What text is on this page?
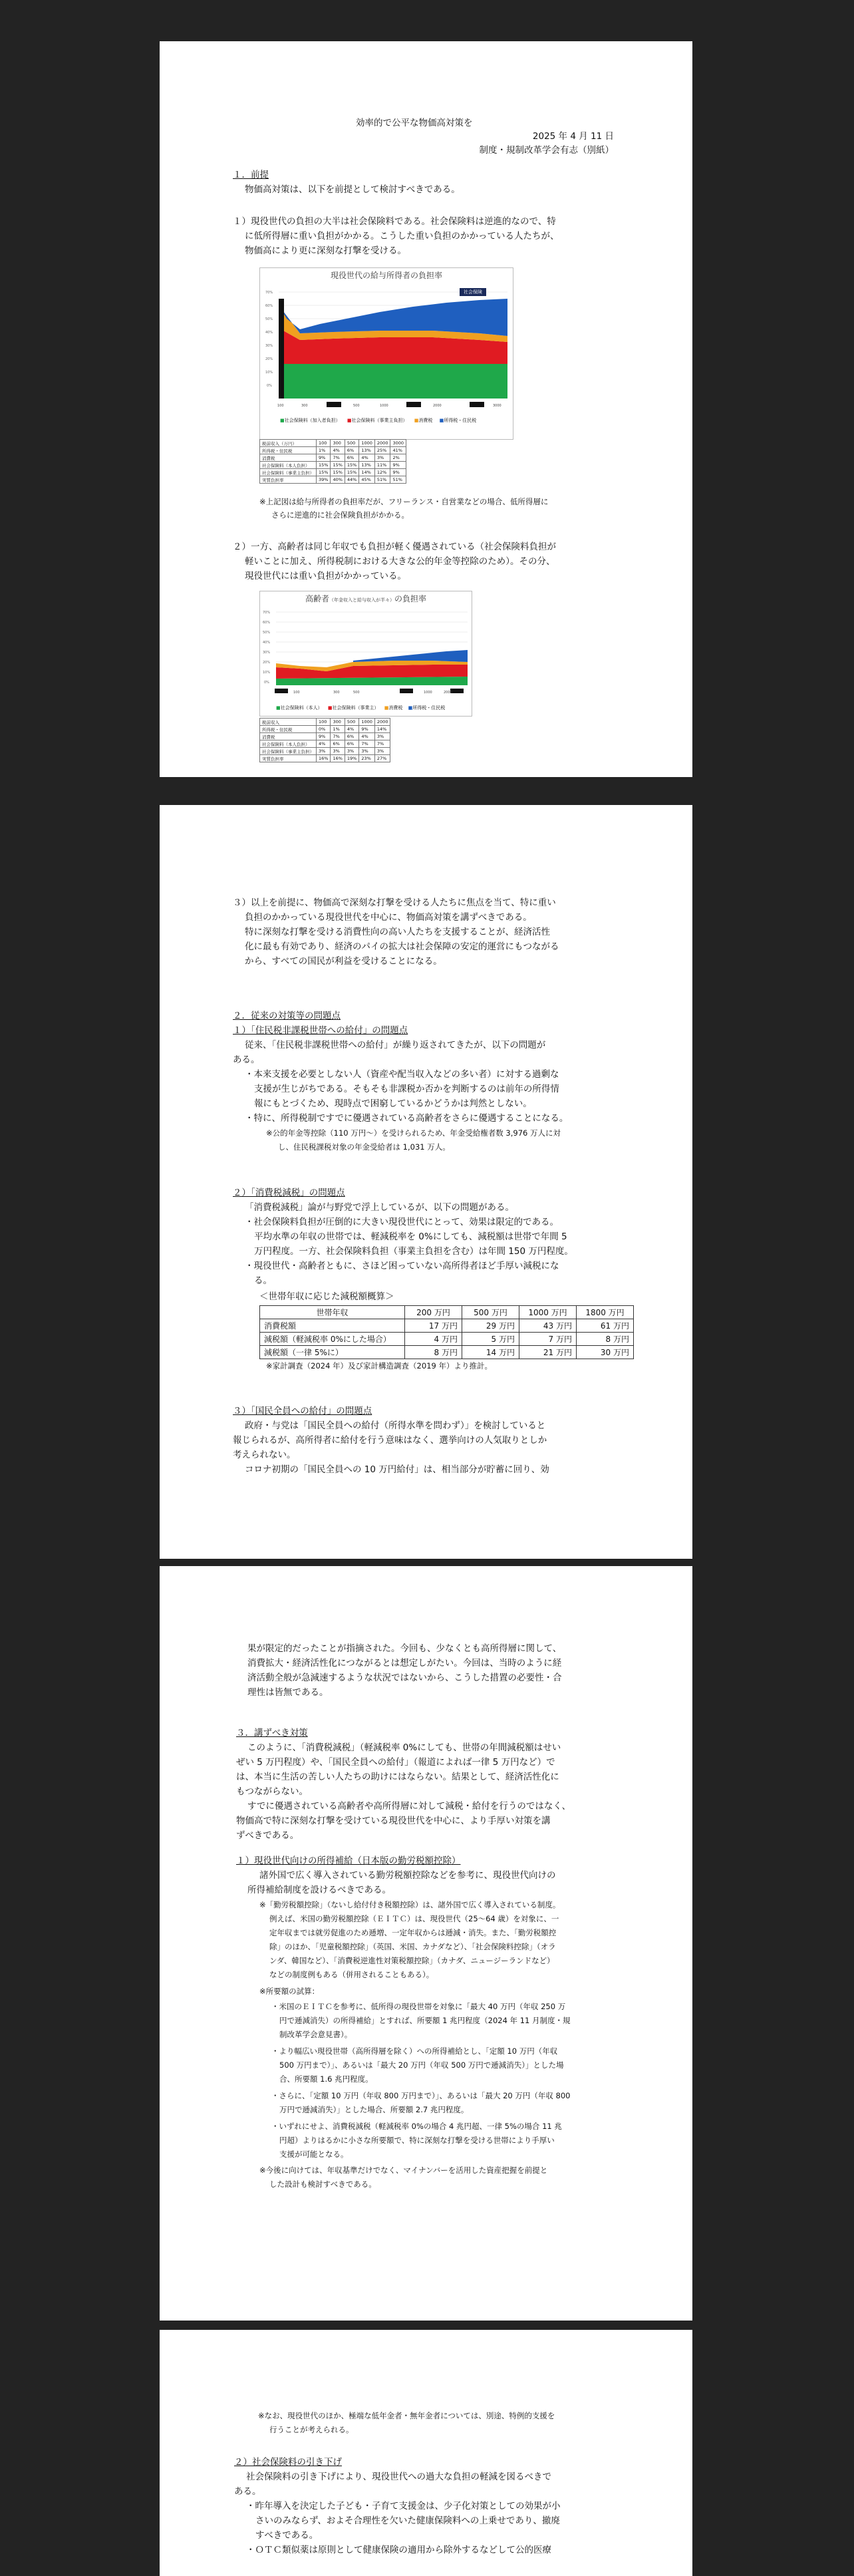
効率的で公平な物価高対策を
2025 年 4 月 11 日
制度・規制改革学会有志（別紙）
１．前提
物価高対策は、以下を前提として検討すべきである。
１）現役世代の負担の大半は社会保険料である。社会保険料は逆進的なので、特
に低所得層に重い負担がかかる。こうした重い負担のかかっている人たちが、
物価高により更に深刻な打撃を受ける。
現役世代の給与所得者の負担率
70%
60%
50%
40%
30%
20%
10%
0%
100	300	500	1000	2000	3000
社会保険
■社会保険料（加入者負担） ■社会保険料（事業主負担） ■消費税 ■所得税・住民税
税前収入（万円）	100	300	500	1000	2000	3000
所得税・住民税	1%	4%	6%	13%	25%	41%
消費税	9%	7%	6%	4%	3%	2%
社会保険料（本人負担）	15%	15%	15%	13%	11%	9%
社会保険料（事業主負担）	15%	15%	15%	14%	12%	9%
実質負担率	39%	40%	44%	45%	51%	51%
※上記図は給与所得者の負担率だが、フリーランス・自営業などの場合、低所得層に
さらに逆進的に社会保険負担がかかる。
２）一方、高齢者は同じ年収でも負担が軽く優遇されている（社会保険料負担が
軽いことに加え、所得税制における大きな公的年金等控除のため）。その分、
現役世代には重い負担がかかっている。
高齢者（年金収入と給与収入が半々）の負担率
70%
60%
50%
40%
30%
20%
10%
0%
100	300	500	1000	2000
■社会保険料（本人） ■社会保険料（事業主） ■消費税 ■所得税・住民税
税前収入	100	300	500	1000	2000
所得税・住民税	0%	1%	4%	9%	14%
消費税	9%	7%	6%	4%	3%
社会保険料（本人負担）	4%	6%	6%	7%	7%
社会保険料（事業主負担）	3%	3%	3%	3%	3%
実質負担率	16%	16%	19%	23%	27%
３）以上を前提に、物価高で深刻な打撃を受ける人たちに焦点を当て、特に重い
負担のかかっている現役世代を中心に、物価高対策を講ずべきである。
特に深刻な打撃を受ける消費性向の高い人たちを支援することが、経済活性
化に最も有効であり、経済のパイの拡大は社会保障の安定的運営にもつながる
から、すべての国民が利益を受けることになる。
２．従来の対策等の問題点
１）「住民税非課税世帯への給付」の問題点
従来、「住民税非課税世帯への給付」が繰り返されてきたが、以下の問題が
ある。
・本来支援を必要としない人（資産や配当収入などの多い者）に対する過剰な
支援が生じがちである。そもそも非課税か否かを判断するのは前年の所得情
報にもとづくため、現時点で困窮しているかどうかは判然としない。
・特に、所得税制ですでに優遇されている高齢者をさらに優遇することになる。
※公的年金等控除（110 万円～）を受けられるため、年金受給権者数 3,976 万人に対
し、住民税課税対象の年金受給者は 1,031 万人。
２）「消費税減税」の問題点
「消費税減税」論が与野党で浮上しているが、以下の問題がある。
・社会保険料負担が圧倒的に大きい現役世代にとって、効果は限定的である。
平均水準の年収の世帯では、軽減税率を 0%にしても、減税額は世帯で年間 5
万円程度。一方、社会保険料負担（事業主負担を含む）は年間 150 万円程度。
・現役世代・高齢者ともに、さほど困っていない高所得者ほど手厚い減税にな
る。
＜世帯年収に応じた減税額概算＞
世帯年収	200 万円	500 万円	1000 万円	1800 万円
消費税額	17 万円	29 万円	43 万円	61 万円
減税額（軽減税率 0%にした場合）	4 万円	5 万円	7 万円	8 万円
減税額（一律 5%に）	8 万円	14 万円	21 万円	30 万円
※家計調査（2024 年）及び家計構造調査（2019 年）より推計。
３）「国民全員への給付」の問題点
政府・与党は「国民全員への給付（所得水準を問わず）」を検討していると
報じられるが、高所得者に給付を行う意味はなく、選挙向けの人気取りとしか
考えられない。
コロナ初期の「国民全員への 10 万円給付」は、相当部分が貯蓄に回り、効
果が限定的だったことが指摘された。今回も、少なくとも高所得層に関して、
消費拡大・経済活性化につながるとは想定しがたい。今回は、当時のように経
済活動全般が急減速するような状況ではないから、こうした措置の必要性・合
理性は皆無である。
３．講ずべき対策
このように、「消費税減税」（軽減税率 0%にしても、世帯の年間減税額はせい
ぜい 5 万円程度）や、「国民全員への給付」（報道によれば一律 5 万円など）で
は、本当に生活の苦しい人たちの助けにはならない。結果として、経済活性化に
もつながらない。
すでに優遇されている高齢者や高所得層に対して減税・給付を行うのではなく、
物価高で特に深刻な打撃を受けている現役世代を中心に、より手厚い対策を講
ずべきである。
１）現役世代向けの所得補給（日本版の勤労税額控除）
諸外国で広く導入されている勤労税額控除などを参考に、現役世代向けの
所得補給制度を設けるべきである。
※「勤労税額控除」（ないし給付付き税額控除）は、諸外国で広く導入されている制度。
例えば、米国の勤労税額控除（ＥＩＴＣ）は、現役世代（25～64 歳）を対象に、一
定年収までは就労促進のため逓増、一定年収からは逓減・消失。また、「勤労税額控
除」のほか、「児童税額控除」（英国、米国、カナダなど）、「社会保険料控除」（オラ
ンダ、韓国など）、「消費税逆進性対策税額控除」（カナダ、ニュージーランドなど）
などの制度例もある（併用されることもある）。
※所要額の試算：
・米国のＥＩＴＣを参考に、低所得の現役世帯を対象に「最大 40 万円（年収 250 万
円で逓減消失）の所得補給」とすれば、所要額 1 兆円程度（2024 年 11 月制度・規
制改革学会意見書）。
・より幅広い現役世帯（高所得層を除く）への所得補給とし、「定額 10 万円（年収
500 万円まで）」、あるいは「最大 20 万円（年収 500 万円で逓減消失）」とした場
合、所要額 1.6 兆円程度。
・さらに、「定額 10 万円（年収 800 万円まで）」、あるいは「最大 20 万円（年収 800
万円で逓減消失）」とした場合、所要額 2.7 兆円程度。
・いずれにせよ、消費税減税（軽減税率 0%の場合 4 兆円超、一律 5%の場合 11 兆
円超）よりはるかに小さな所要額で、特に深刻な打撃を受ける世帯により手厚い
支援が可能となる。
※今後に向けては、年収基準だけでなく、マイナンバーを活用した資産把握を前提と
した設計も検討すべきである。
※なお、現役世代のほか、極端な低年金者・無年金者については、別途、特例的支援を
行うことが考えられる。
２）社会保険料の引き下げ
社会保険料の引き下げにより、現役世代への過大な負担の軽減を図るべきで
ある。
・昨年導入を決定した子ども・子育て支援金は、少子化対策としての効果が小
さいのみならず、およそ合理性を欠いた健康保険料への上乗せであり、撤廃
すべきである。
・ＯＴＣ類似薬は原則として健康保険の適用から除外するなどして公的医療
